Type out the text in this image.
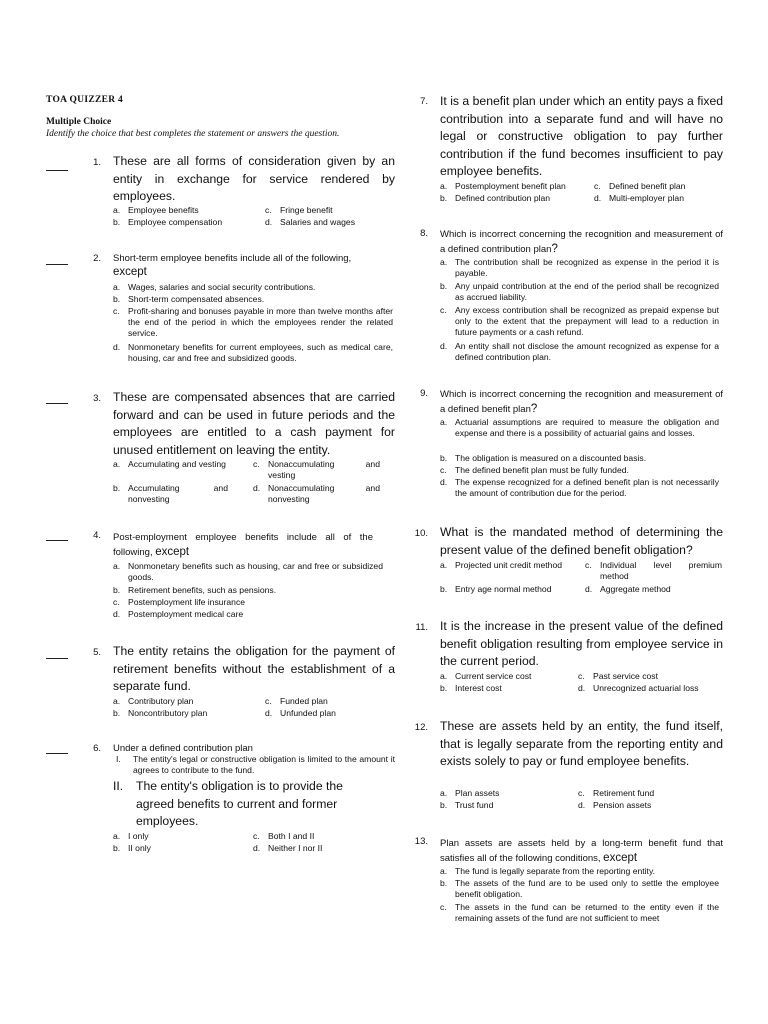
TOA QUIZZER 4
Multiple Choice
Identify the choice that best completes the statement or answers the question.
1. These are all forms of consideration given by an entity in exchange for service rendered by employees.
a. Employee benefits
b. Employee compensation
c. Fringe benefit
d. Salaries and wages
2. Short-term employee benefits include all of the following,
except
a. Wages, salaries and social security contributions.
b. Short-term compensated absences.
c. Profit-sharing and bonuses payable in more than twelve months after the end of the period in which the employees render the related service.
d. Nonmonetary benefits for current employees, such as medical care, housing, car and free and subsidized goods.
3. These are compensated absences that are carried forward and can be used in future periods and the employees are entitled to a cash payment for unused entitlement on leaving the entity.
a. Accumulating and vesting
b. Accumulating and nonvesting
c. Nonaccumulating and vesting
d. Nonaccumulating and nonvesting
4. Post-employment employee benefits include all of the following, except
a. Nonmonetary benefits such as housing, car and free or subsidized goods.
b. Retirement benefits, such as pensions.
c. Postemployment life insurance
d. Postemployment medical care
5. The entity retains the obligation for the payment of retirement benefits without the establishment of a separate fund.
a. Contributory plan
b. Noncontributory plan
c. Funded plan
d. Unfunded plan
6. Under a defined contribution plan
I. The entity's legal or constructive obligation is limited to the amount it agrees to contribute to the fund.
II. The entity's obligation is to provide the agreed benefits to current and former employees.
a. I only
b. II only
c. Both I and II
d. Neither I nor II
7. It is a benefit plan under which an entity pays a fixed contribution into a separate fund and will have no legal or constructive obligation to pay further contribution if the fund becomes insufficient to pay employee benefits.
a. Postemployment benefit plan
b. Defined contribution plan
c. Defined benefit plan
d. Multi-employer plan
8. Which is incorrect concerning the recognition and measurement of a defined contribution plan?
a. The contribution shall be recognized as expense in the period it is payable.
b. Any unpaid contribution at the end of the period shall be recognized as accrued liability.
c. Any excess contribution shall be recognized as prepaid expense but only to the extent that the prepayment will lead to a reduction in future payments or a cash refund.
d. An entity shall not disclose the amount recognized as expense for a defined contribution plan.
9. Which is incorrect concerning the recognition and measurement of a defined benefit plan?
a. Actuarial assumptions are required to measure the obligation and expense and there is a possibility of actuarial gains and losses.
b. The obligation is measured on a discounted basis.
c. The defined benefit plan must be fully funded.
d. The expense recognized for a defined benefit plan is not necessarily the amount of contribution due for the period.
10. What is the mandated method of determining the present value of the defined benefit obligation?
a. Projected unit credit method
b. Entry age normal method
c. Individual level premium method
d. Aggregate method
11. It is the increase in the present value of the defined benefit obligation resulting from employee service in the current period.
a. Current service cost
b. Interest cost
c. Past service cost
d. Unrecognized actuarial loss
12. These are assets held by an entity, the fund itself, that is legally separate from the reporting entity and exists solely to pay or fund employee benefits.
a. Plan assets
b. Trust fund
c. Retirement fund
d. Pension assets
13. Plan assets are assets held by a long-term benefit fund that satisfies all of the following conditions, except
a. The fund is legally separate from the reporting entity.
b. The assets of the fund are to be used only to settle the employee benefit obligation.
c. The assets in the fund can be returned to the entity even if the remaining assets of the fund are not sufficient to meet
